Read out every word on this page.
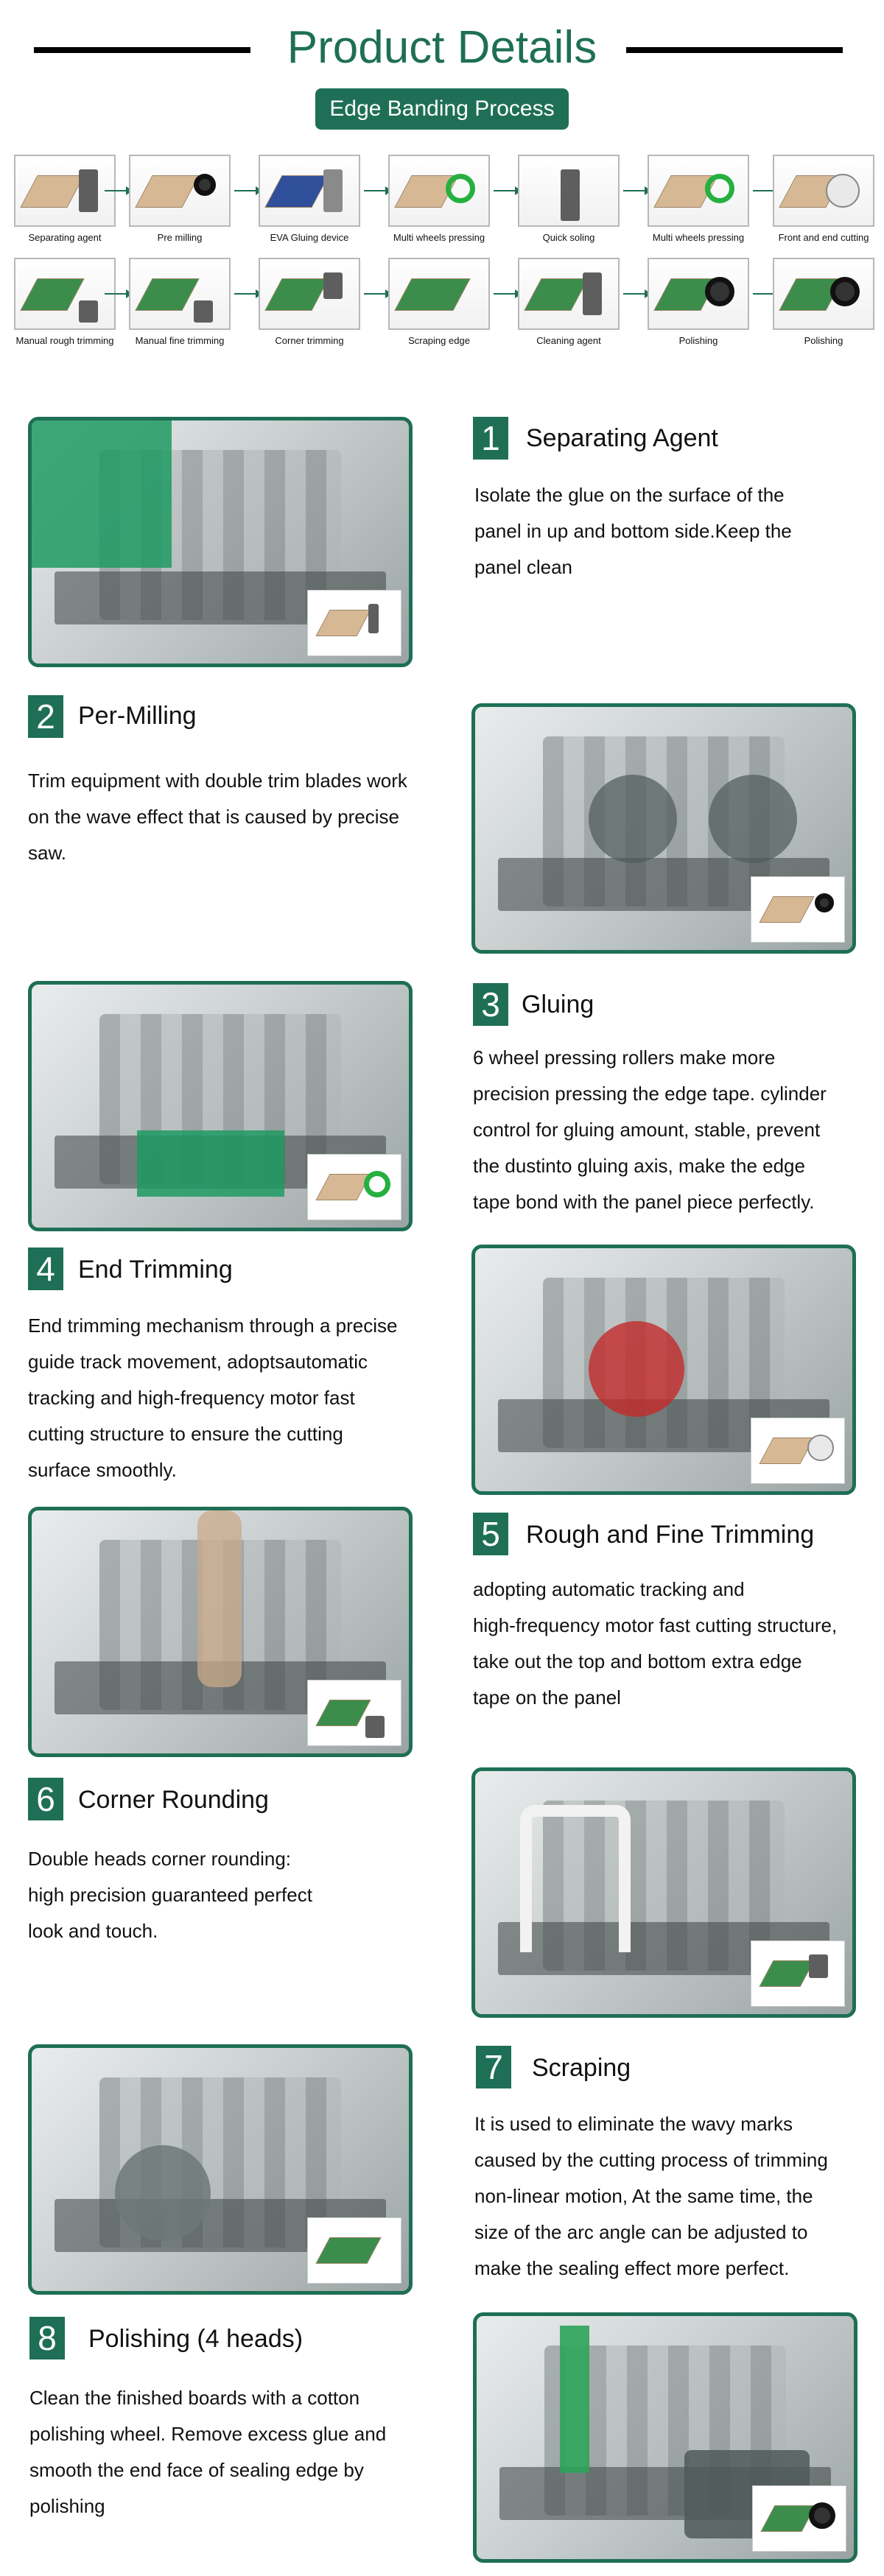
Product Details
Edge Banding Process
Separating agent	Pre milling	EVA Gluing device	Multi wheels pressing	Quick soling	Multi wheels pressing	Front and end cutting
Manual rough trimming	Manual fine trimming	Corner trimming	Scraping edge	Cleaning agent	Polishing	Polishing
1	Separating Agent
Isolate the glue on the surface of the
panel in up and bottom side.Keep the
panel clean
2 Per-Milling
Trim equipment with double trim blades work
on the wave effect that is caused by precise
saw.
3 Gluing
6 wheel pressing rollers make more
precision pressing the edge tape. cylinder
control for gluing amount, stable, prevent
the dustinto gluing axis, make the edge
tape bond with the panel piece perfectly.
4 End Trimming
End trimming mechanism through a precise
guide track movement, adoptsautomatic
tracking and high-frequency motor fast
cutting structure to ensure the cutting
surface smoothly.
5	Rough and Fine Trimming
adopting automatic tracking and
high-frequency motor fast cutting structure,
take out the top and bottom extra edge
tape on the panel
6 Corner Rounding
Double heads corner rounding:
high precision guaranteed perfect
look and touch.
7	Scraping
It is used to eliminate the wavy marks
caused by the cutting process of trimming
non-linear motion, At the same time, the
size of the arc angle can be adjusted to
make the sealing effect more perfect.
8	Polishing (4 heads)
Clean the finished boards with a cotton
polishing wheel. Remove excess glue and
smooth the end face of sealing edge by
polishing
